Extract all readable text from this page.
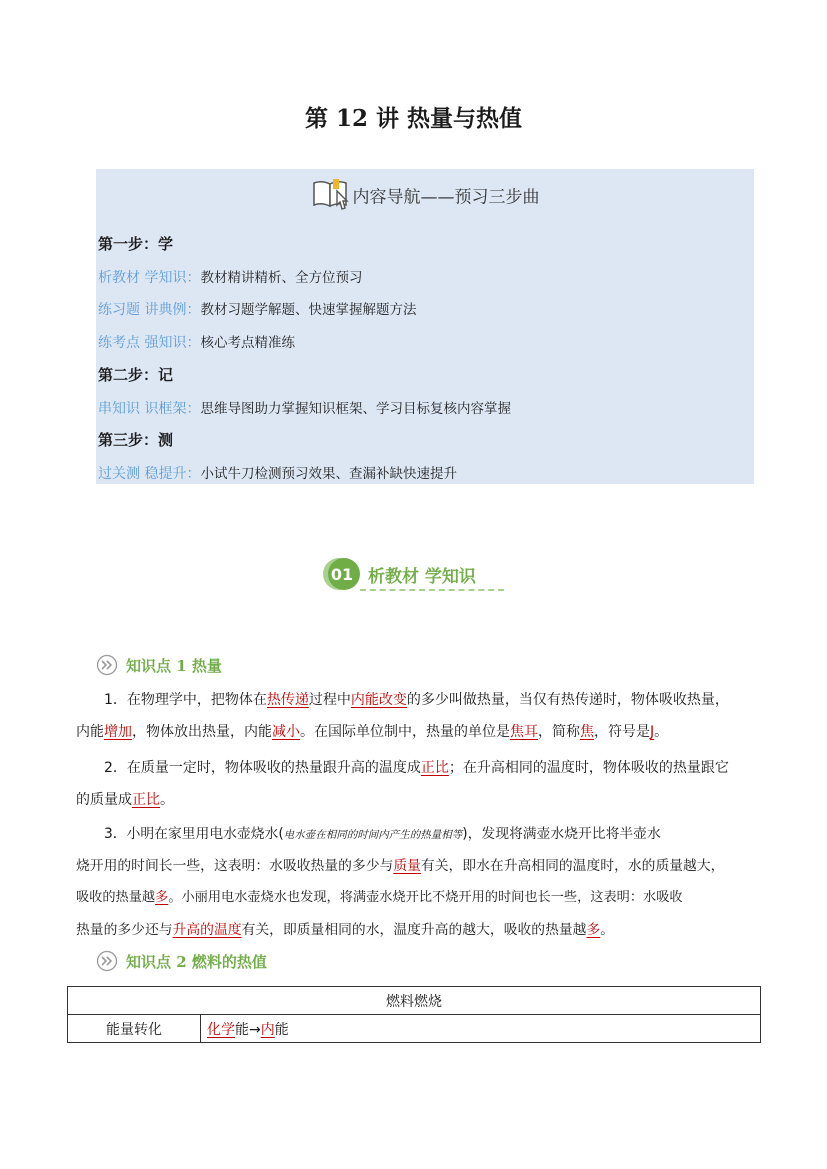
第 12 讲 热量与热值
内容导航——预习三步曲
第一步：学
析教材 学知识：教材精讲精析、全方位预习
练习题 讲典例：教材习题学解题、快速掌握解题方法
练考点 强知识：核心考点精准练
第二步：记
串知识 识框架：思维导图助力掌握知识框架、学习目标复核内容掌握
第三步：测
过关测 稳提升：小试牛刀检测预习效果、查漏补缺快速提升
01 析教材 学知识
知识点 1 热量
1．在物理学中，把物体在热传递过程中内能改变的多少叫做热量，当仅有热传递时，物体吸收热量，
内能增加，物体放出热量，内能减小。在国际单位制中，热量的单位是焦耳，简称焦，符号是J。
2．在质量一定时，物体吸收的热量跟升高的温度成正比；在升高相同的温度时，物体吸收的热量跟它
的质量成正比。
3．小明在家里用电水壶烧水(电水壶在相同的时间内产生的热量相等)，发现将满壶水烧开比将半壶水
烧开用的时间长一些，这表明：水吸收热量的多少与质量有关，即水在升高相同的温度时，水的质量越大，
吸收的热量越多。小丽用电水壶烧水也发现，将满壶水烧开比不烧开用的时间也长一些，这表明：水吸收
热量的多少还与升高的温度有关，即质量相同的水，温度升高的越大，吸收的热量越多。
知识点 2 燃料的热值
燃料燃烧
能量转化	化学能→内能
